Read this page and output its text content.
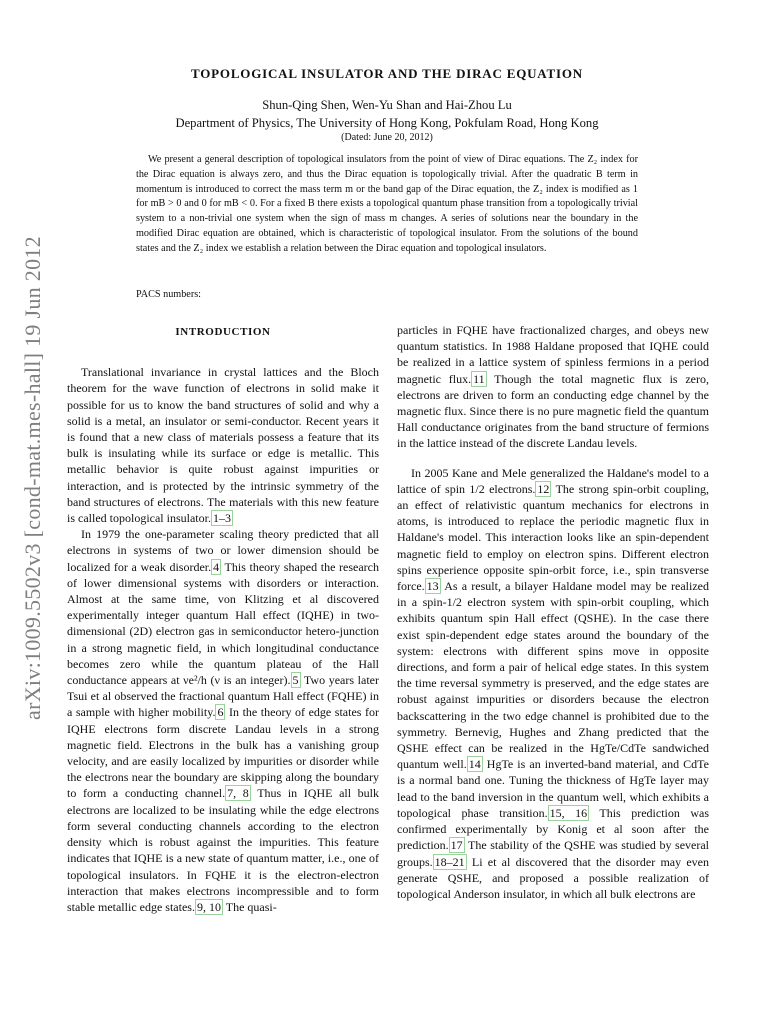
arXiv:1009.5502v3 [cond-mat.mes-hall] 19 Jun 2012
TOPOLOGICAL INSULATOR AND THE DIRAC EQUATION
Shun-Qing Shen, Wen-Yu Shan and Hai-Zhou Lu
Department of Physics, The University of Hong Kong, Pokfulam Road, Hong Kong
(Dated: June 20, 2012)

We present a general description of topological insulators from the point of view of Dirac equations. The Z₂ index for the Dirac equation is always zero, and thus the Dirac equation is topologically trivial. After the quadratic B term in momentum is introduced to correct the mass term m or the band gap of the Dirac equation, the Z₂ index is modified as 1 for mB > 0 and 0 for mB < 0. For a fixed B there exists a topological quantum phase transition from a topologically trivial system to a non-trivial one system when the sign of mass m changes. A series of solutions near the boundary in the modified Dirac equation are obtained, which is characteristic of topological insulator. From the solutions of the bound states and the Z₂ index we establish a relation between the Dirac equation and topological insulators.

PACS numbers:
INTRODUCTION

Translational invariance in crystal lattices and the Bloch theorem for the wave function of electrons in solid make it possible for us to know the band structures of solid and why a solid is a metal, an insulator or semi-conductor. Recent years it is found that a new class of materials possess a feature that its bulk is insulating while its surface or edge is metallic. This metallic behavior is quite robust against impurities or interaction, and is protected by the intrinsic symmetry of the band structures of electrons. The materials with this new feature is called topological insulator. 1–3

In 1979 the one-parameter scaling theory predicted that all electrons in systems of two or lower dimension should be localized for a weak disorder. 4 This theory shaped the research of lower dimensional systems with disorders or interaction. Almost at the same time, von Klitzing et al discovered experimentally integer quantum Hall effect (IQHE) in two-dimensional (2D) electron gas in semiconductor hetero-junction in a strong magnetic field, in which longitudinal conductance becomes zero while the quantum plateau of the Hall conductance appears at νe²/h (ν is an integer). 5 Two years later Tsui et al observed the fractional quantum Hall effect (FQHE) in a sample with higher mobility. 6 In the theory of edge states for IQHE electrons form discrete Landau levels in a strong magnetic field. Electrons in the bulk has a vanishing group velocity, and are easily localized by impurities or disorder while the electrons near the boundary are skipping along the boundary to form a conducting channel. 7, 8 Thus in IQHE all bulk electrons are localized to be insulating while the edge electrons form several conducting channels according to the electron density which is robust against the impurities. This feature indicates that IQHE is a new state of quantum matter, i.e., one of topological insulators. In FQHE it is the electron-electron interaction that makes electrons incompressible and to form stable metallic edge states. 9, 10 The quasi-

particles in FQHE have fractionalized charges, and obeys new quantum statistics. In 1988 Haldane proposed that IQHE could be realized in a lattice system of spinless fermions in a period magnetic flux. 11 Though the total magnetic flux is zero, electrons are driven to form an conducting edge channel by the magnetic flux. Since there is no pure magnetic field the quantum Hall conductance originates from the band structure of fermions in the lattice instead of the discrete Landau levels.

In 2005 Kane and Mele generalized the Haldane's model to a lattice of spin 1/2 electrons. 12 The strong spin-orbit coupling, an effect of relativistic quantum mechanics for electrons in atoms, is introduced to replace the periodic magnetic flux in Haldane's model. This interaction looks like an spin-dependent magnetic field to employ on electron spins. Different electron spins experience opposite spin-orbit force, i.e., spin transverse force. 13 As a result, a bilayer Haldane model may be realized in a spin-1/2 electron system with spin-orbit coupling, which exhibits quantum spin Hall effect (QSHE). In the case there exist spin-dependent edge states around the boundary of the system: electrons with different spins move in opposite directions, and form a pair of helical edge states. In this system the time reversal symmetry is preserved, and the edge states are robust against impurities or disorders because the electron backscattering in the two edge channel is prohibited due to the symmetry. Bernevig, Hughes and Zhang predicted that the QSHE effect can be realized in the HgTe/CdTe sandwiched quantum well. 14 HgTe is an inverted-band material, and CdTe is a normal band one. Tuning the thickness of HgTe layer may lead to the band inversion in the quantum well, which exhibits a topological phase transition. 15, 16 This prediction was confirmed experimentally by Konig et al soon after the prediction. 17 The stability of the QSHE was studied by several groups. 18–21 Li et al discovered that the disorder may even generate QSHE, and proposed a possible realization of topological Anderson insulator, in which all bulk electrons are
